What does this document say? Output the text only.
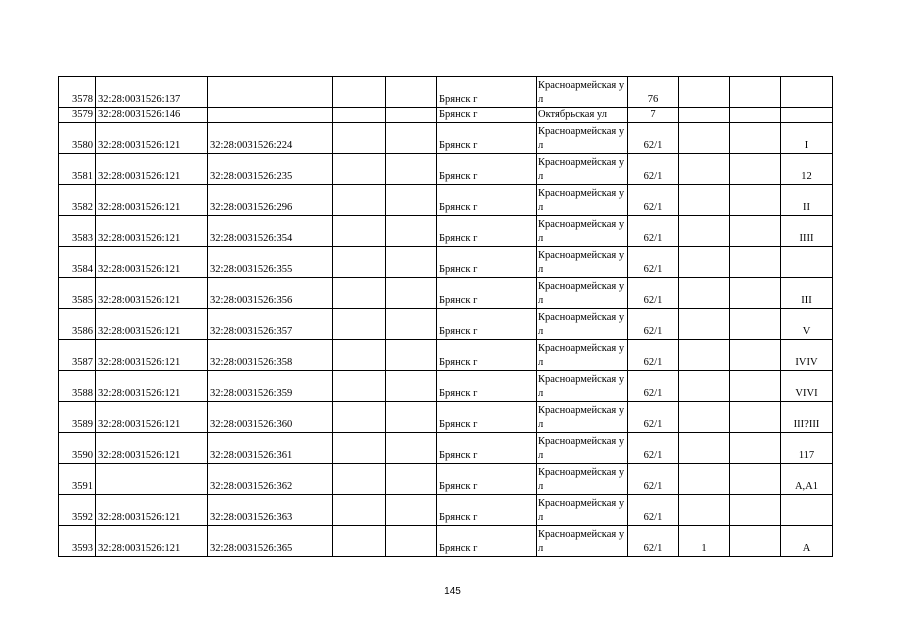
3578	32:28:0031526:137				Брянск г	Красноармейская ул	76			
3579	32:28:0031526:146				Брянск г	Октябрьская ул	7			
3580	32:28:0031526:121	32:28:0031526:224			Брянск г	Красноармейская ул	62/1			I
3581	32:28:0031526:121	32:28:0031526:235			Брянск г	Красноармейская ул	62/1			12
3582	32:28:0031526:121	32:28:0031526:296			Брянск г	Красноармейская ул	62/1			II
3583	32:28:0031526:121	32:28:0031526:354			Брянск г	Красноармейская ул	62/1			IIII
3584	32:28:0031526:121	32:28:0031526:355			Брянск г	Красноармейская ул	62/1			
3585	32:28:0031526:121	32:28:0031526:356			Брянск г	Красноармейская ул	62/1			III
3586	32:28:0031526:121	32:28:0031526:357			Брянск г	Красноармейская ул	62/1			V
3587	32:28:0031526:121	32:28:0031526:358			Брянск г	Красноармейская ул	62/1			IVIV
3588	32:28:0031526:121	32:28:0031526:359			Брянск г	Красноармейская ул	62/1			VIVI
3589	32:28:0031526:121	32:28:0031526:360			Брянск г	Красноармейская ул	62/1			III?III
3590	32:28:0031526:121	32:28:0031526:361			Брянск г	Красноармейская ул	62/1			117
3591		32:28:0031526:362			Брянск г	Красноармейская ул	62/1			А,А1
3592	32:28:0031526:121	32:28:0031526:363			Брянск г	Красноармейская ул	62/1			
3593	32:28:0031526:121	32:28:0031526:365			Брянск г	Красноармейская ул	62/1	1		А
145
